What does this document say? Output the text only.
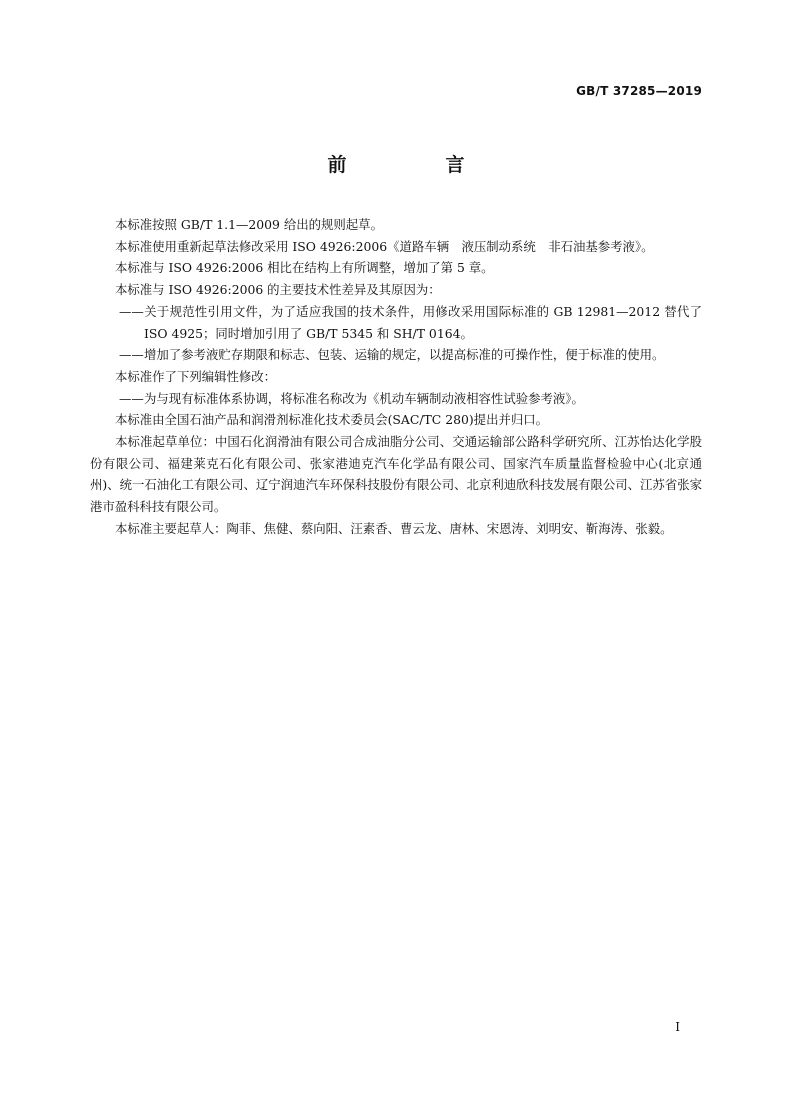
GB/T 37285—2019
前　言

本标准按照 GB/T 1.1—2009 给出的规则起草。

本标准使用重新起草法修改采用 ISO 4926:2006《道路车辆　液压制动系统　非石油基参考液》。

本标准与 ISO 4926:2006 相比在结构上有所调整，增加了第 5 章。

本标准与 ISO 4926:2006 的主要技术性差异及其原因为：

——关于规范性引用文件，为了适应我国的技术条件，用修改采用国际标准的 GB 12981—2012 替代了 ISO 4925；同时增加引用了 GB/T 5345 和 SH/T 0164。

——增加了参考液贮存期限和标志、包装、运输的规定，以提高标准的可操作性，便于标准的使用。

本标准作了下列编辑性修改：

——为与现有标准体系协调，将标准名称改为《机动车辆制动液相容性试验参考液》。

本标准由全国石油产品和润滑剂标准化技术委员会(SAC/TC 280)提出并归口。

本标准起草单位：中国石化润滑油有限公司合成油脂分公司、交通运输部公路科学研究所、江苏怡达化学股份有限公司、福建莱克石化有限公司、张家港迪克汽车化学品有限公司、国家汽车质量监督检验中心(北京通州)、统一石油化工有限公司、辽宁润迪汽车环保科技股份有限公司、北京利迪欣科技发展有限公司、江苏省张家港市盈科科技有限公司。

本标准主要起草人：陶菲、焦健、蔡向阳、汪素香、曹云龙、唐林、宋恩涛、刘明安、靳海涛、张毅。

I
